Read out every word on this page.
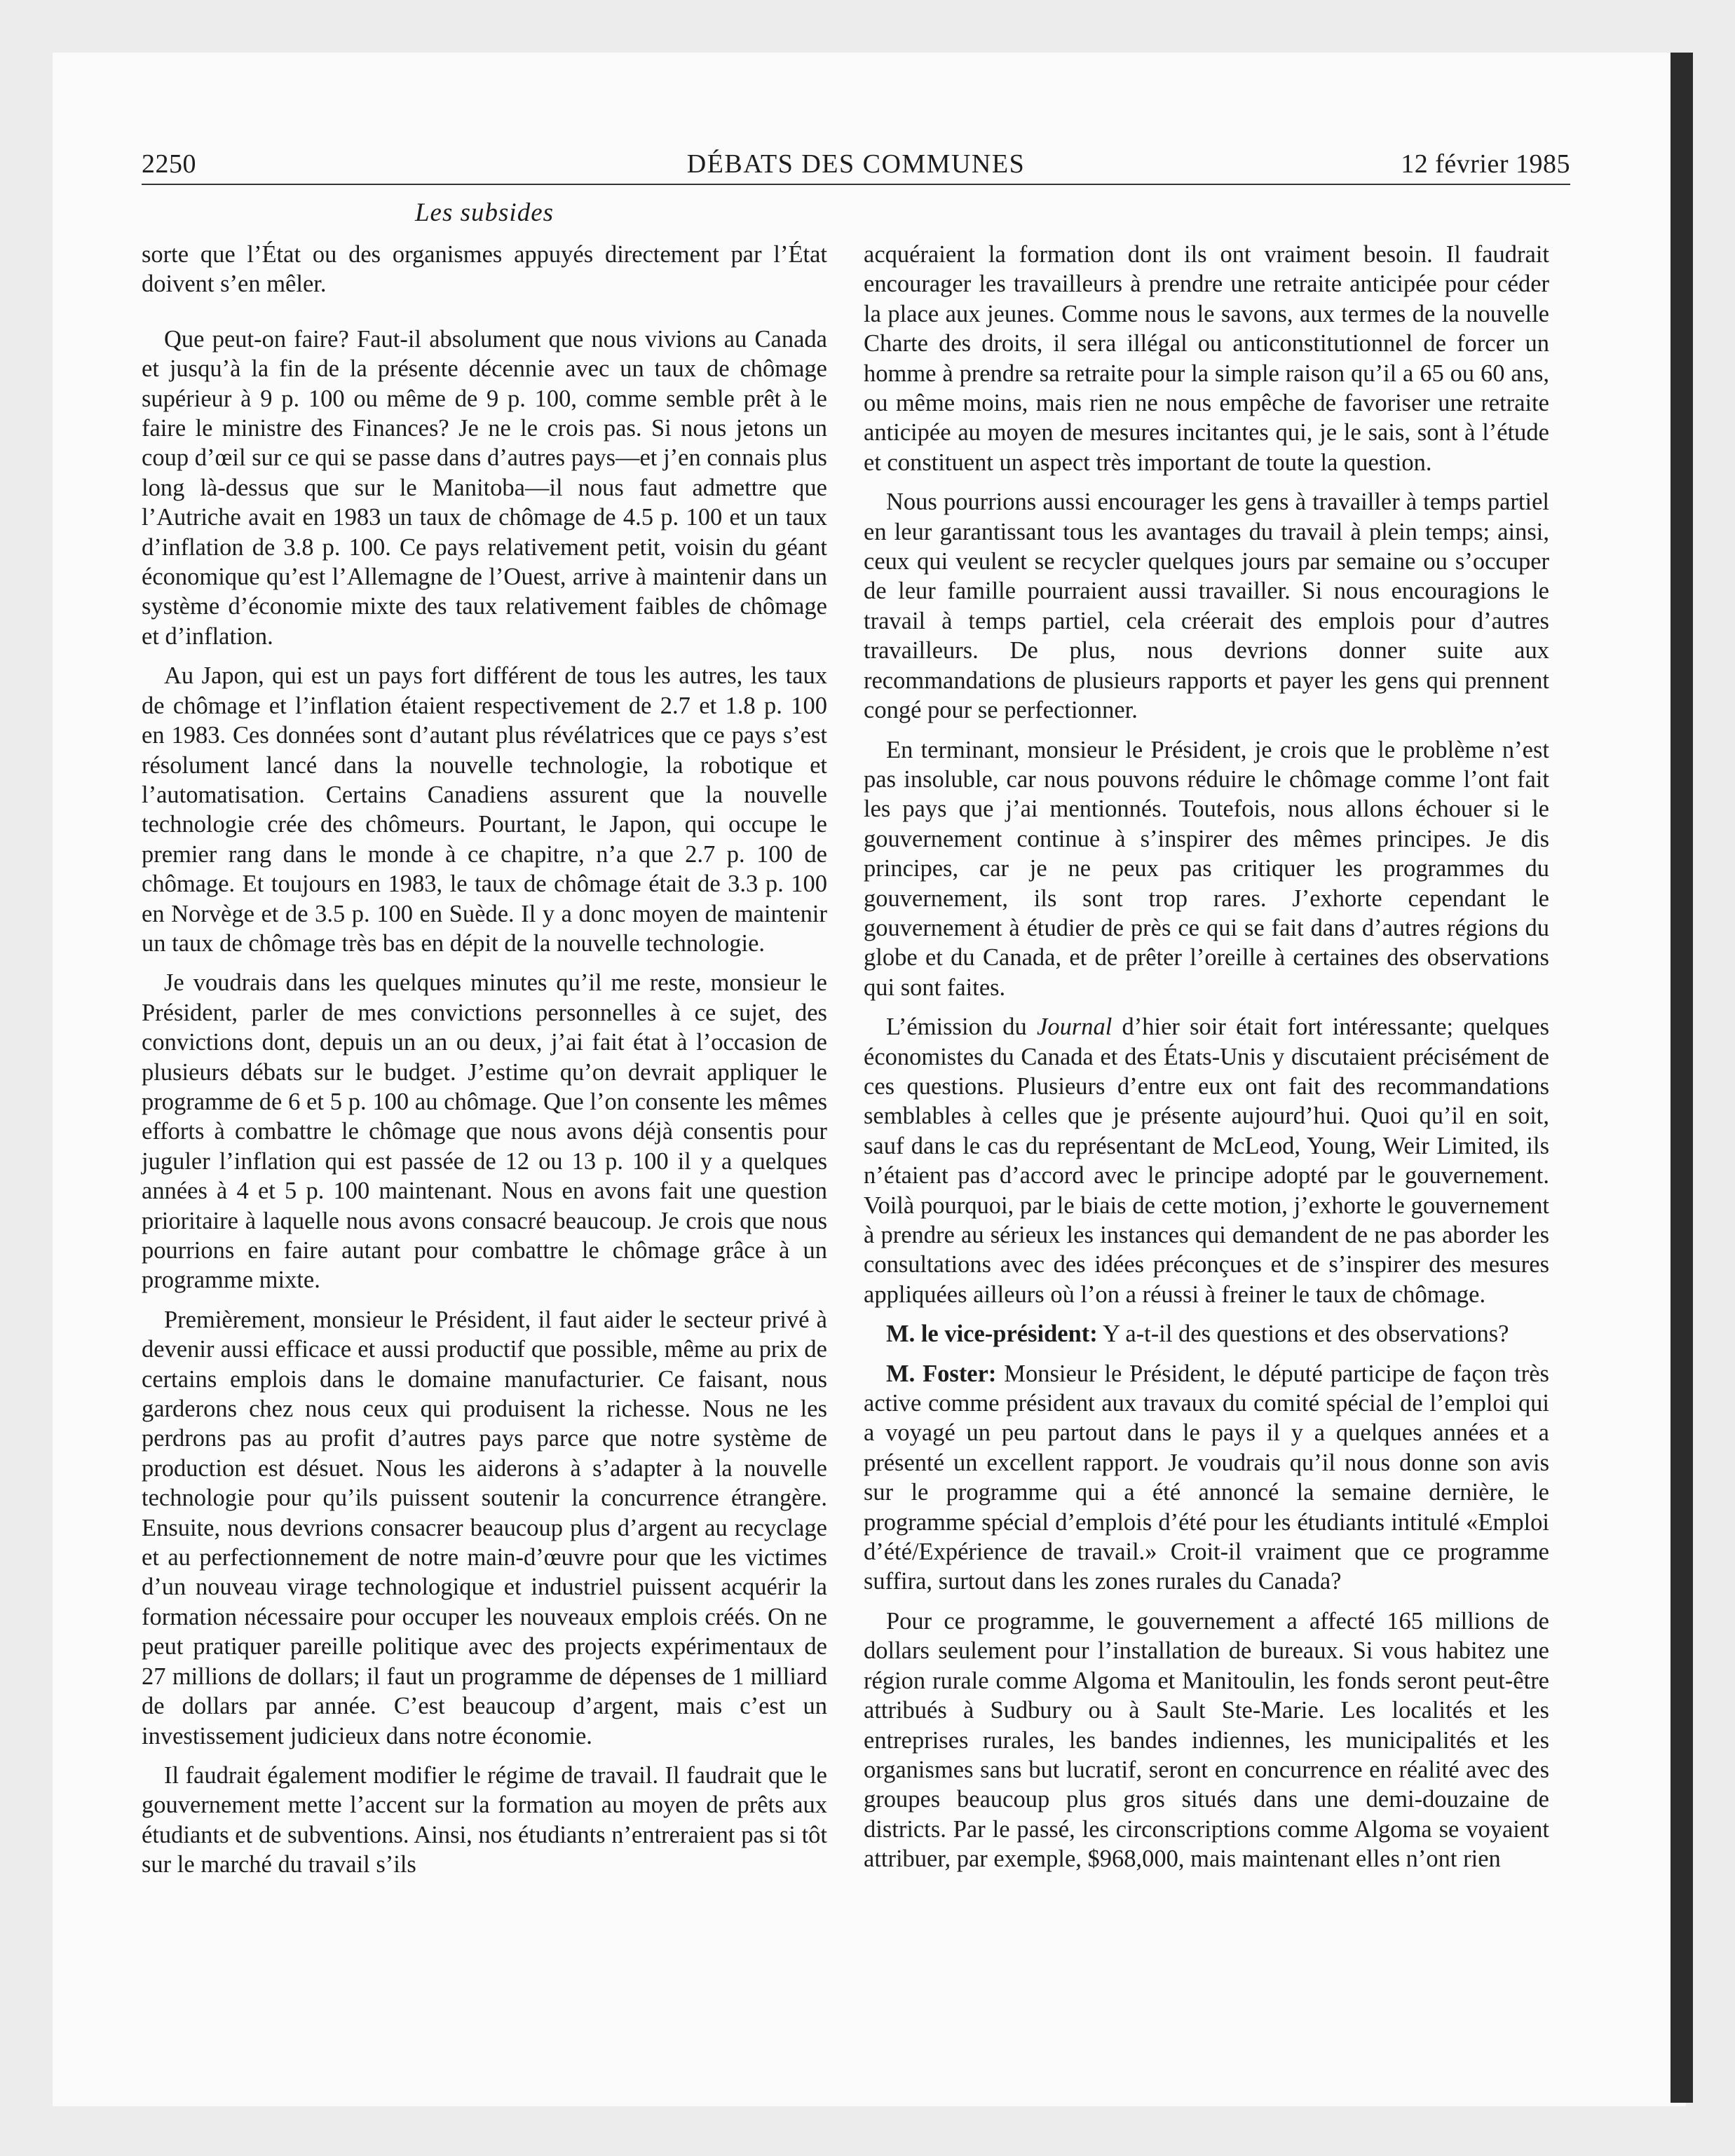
2250	DÉBATS DES COMMUNES	12 février 1985
Les subsides

sorte que l’État ou des organismes appuyés directement par l’État doivent s’en mêler.

Que peut-on faire? Faut-il absolument que nous vivions au Canada et jusqu’à la fin de la présente décennie avec un taux de chômage supérieur à 9 p. 100 ou même de 9 p. 100, comme semble prêt à le faire le ministre des Finances? Je ne le crois pas. Si nous jetons un coup d’œil sur ce qui se passe dans d’autres pays—et j’en connais plus long là-dessus que sur le Manitoba—il nous faut admettre que l’Autriche avait en 1983 un taux de chômage de 4.5 p. 100 et un taux d’inflation de 3.8 p. 100. Ce pays relativement petit, voisin du géant économique qu’est l’Allemagne de l’Ouest, arrive à maintenir dans un système d’économie mixte des taux relativement faibles de chômage et d’inflation.

Au Japon, qui est un pays fort différent de tous les autres, les taux de chômage et l’inflation étaient respectivement de 2.7 et 1.8 p. 100 en 1983. Ces données sont d’autant plus révélatrices que ce pays s’est résolument lancé dans la nouvelle technologie, la robotique et l’automatisation. Certains Canadiens assurent que la nouvelle technologie crée des chômeurs. Pourtant, le Japon, qui occupe le premier rang dans le monde à ce chapitre, n’a que 2.7 p. 100 de chômage. Et toujours en 1983, le taux de chômage était de 3.3 p. 100 en Norvège et de 3.5 p. 100 en Suède. Il y a donc moyen de maintenir un taux de chômage très bas en dépit de la nouvelle technologie.

Je voudrais dans les quelques minutes qu’il me reste, monsieur le Président, parler de mes convictions personnelles à ce sujet, des convictions dont, depuis un an ou deux, j’ai fait état à l’occasion de plusieurs débats sur le budget. J’estime qu’on devrait appliquer le programme de 6 et 5 p. 100 au chômage. Que l’on consente les mêmes efforts à combattre le chômage que nous avons déjà consentis pour juguler l’inflation qui est passée de 12 ou 13 p. 100 il y a quelques années à 4 et 5 p. 100 maintenant. Nous en avons fait une question prioritaire à laquelle nous avons consacré beaucoup. Je crois que nous pourrions en faire autant pour combattre le chômage grâce à un programme mixte.

Premièrement, monsieur le Président, il faut aider le secteur privé à devenir aussi efficace et aussi productif que possible, même au prix de certains emplois dans le domaine manufacturier. Ce faisant, nous garderons chez nous ceux qui produisent la richesse. Nous ne les perdrons pas au profit d’autres pays parce que notre système de production est désuet. Nous les aiderons à s’adapter à la nouvelle technologie pour qu’ils puissent soutenir la concurrence étrangère. Ensuite, nous devrions consacrer beaucoup plus d’argent au recyclage et au perfectionnement de notre main-d’œuvre pour que les victimes d’un nouveau virage technologique et industriel puissent acquérir la formation nécessaire pour occuper les nouveaux emplois créés. On ne peut pratiquer pareille politique avec des projects expérimentaux de 27 millions de dollars; il faut un programme de dépenses de 1 milliard de dollars par année. C’est beaucoup d’argent, mais c’est un investissement judicieux dans notre économie.

Il faudrait également modifier le régime de travail. Il faudrait que le gouvernement mette l’accent sur la formation au moyen de prêts aux étudiants et de subventions. Ainsi, nos étudiants n’entreraient pas si tôt sur le marché du travail s’ils

acquéraient la formation dont ils ont vraiment besoin. Il faudrait encourager les travailleurs à prendre une retraite anticipée pour céder la place aux jeunes. Comme nous le savons, aux termes de la nouvelle Charte des droits, il sera illégal ou anticonstitutionnel de forcer un homme à prendre sa retraite pour la simple raison qu’il a 65 ou 60 ans, ou même moins, mais rien ne nous empêche de favoriser une retraite anticipée au moyen de mesures incitantes qui, je le sais, sont à l’étude et constituent un aspect très important de toute la question.

Nous pourrions aussi encourager les gens à travailler à temps partiel en leur garantissant tous les avantages du travail à plein temps; ainsi, ceux qui veulent se recycler quelques jours par semaine ou s’occuper de leur famille pourraient aussi travailler. Si nous encouragions le travail à temps partiel, cela créerait des emplois pour d’autres travailleurs. De plus, nous devrions donner suite aux recommandations de plusieurs rapports et payer les gens qui prennent congé pour se perfectionner.

En terminant, monsieur le Président, je crois que le problème n’est pas insoluble, car nous pouvons réduire le chômage comme l’ont fait les pays que j’ai mentionnés. Toutefois, nous allons échouer si le gouvernement continue à s’inspirer des mêmes principes. Je dis principes, car je ne peux pas critiquer les programmes du gouvernement, ils sont trop rares. J’exhorte cependant le gouvernement à étudier de près ce qui se fait dans d’autres régions du globe et du Canada, et de prêter l’oreille à certaines des observations qui sont faites.

L’émission du Journal d’hier soir était fort intéressante; quelques économistes du Canada et des États-Unis y discutaient précisément de ces questions. Plusieurs d’entre eux ont fait des recommandations semblables à celles que je présente aujourd’hui. Quoi qu’il en soit, sauf dans le cas du représentant de McLeod, Young, Weir Limited, ils n’étaient pas d’accord avec le principe adopté par le gouvernement. Voilà pourquoi, par le biais de cette motion, j’exhorte le gouvernement à prendre au sérieux les instances qui demandent de ne pas aborder les consultations avec des idées préconçues et de s’inspirer des mesures appliquées ailleurs où l’on a réussi à freiner le taux de chômage.

M. le vice-président: Y a-t-il des questions et des observations?

M. Foster: Monsieur le Président, le député participe de façon très active comme président aux travaux du comité spécial de l’emploi qui a voyagé un peu partout dans le pays il y a quelques années et a présenté un excellent rapport. Je voudrais qu’il nous donne son avis sur le programme qui a été annoncé la semaine dernière, le programme spécial d’emplois d’été pour les étudiants intitulé «Emploi d’été/Expérience de travail.» Croit-il vraiment que ce programme suffira, surtout dans les zones rurales du Canada?

Pour ce programme, le gouvernement a affecté 165 millions de dollars seulement pour l’installation de bureaux. Si vous habitez une région rurale comme Algoma et Manitoulin, les fonds seront peut-être attribués à Sudbury ou à Sault Ste-Marie. Les localités et les entreprises rurales, les bandes indiennes, les municipalités et les organismes sans but lucratif, seront en concurrence en réalité avec des groupes beaucoup plus gros situés dans une demi-douzaine de districts. Par le passé, les circonscriptions comme Algoma se voyaient attribuer, par exemple, $968,000, mais maintenant elles n’ont rien
